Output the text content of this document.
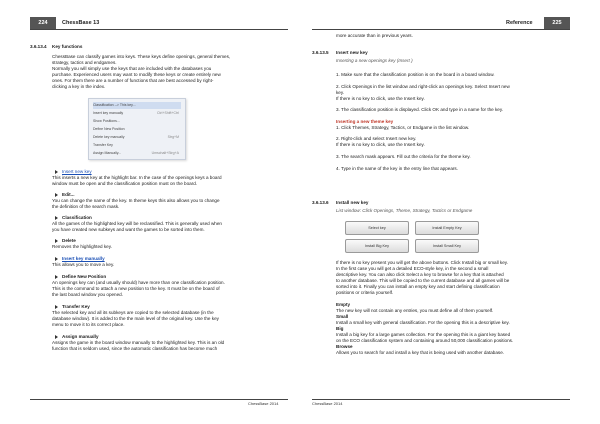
224	ChessBase 13
3.6.13.4 Key functions
ChessBase can classify games into keys. These keys define openings, general themes,
strategy, tactics and endgames.
Normally you will simply use the keys that are included with the databases you
purchase. Experienced users may want to modify these keys or create entirely new
ones. For them there are a number of functions that are best accessed by right-
clicking a key in the index.
Classification --> This key...
Insert key manually	Ctrl+Shift+Ctrl
Show Positions...
Define New Position
Delete key manually	Strg+M
Transfer Key
Assign Manually...	Umschalt+Strg+A
Insert new key
This inserts a new key at the highlight bar. In the case of the openings keys a board
window must be open and the classification position must on the board.
Edit...
You can change the name of the key. In theme keys this also allows you to change
the definition of the search mask.
Classification
All the games of the highlighted key will be reclassified. This is generally used when
you have created new subkeys and want the games to be sorted into them.
Delete
Removes the highlighted key.
Insert key manually
This allows you to move a key.
Define New Position
An openings key can (and usually should) have more than one classification position.
This is the command to attach a new position to the key. It must be on the board of
the last board window you opened.
Transfer Key
The selected key and all its subkeys are copied to the selected database (in the
database window). It is added to the the main level of the original key. Use the key
menu to move it to its correct place.
Assign manually
Assigns the game in the board window manually to the highlighted key. This is an old
function that is seldom used, since the automatic classification has become much
ChessBase 2014
Reference	225
more accurate than in previous years.
3.6.13.5 Insert new key
Inserting a new openings key (Insert )
1. Make sure that the classification position is on the board in a board window.
2. Click Openings in the list window and right-click an openings key. Select Insert new
key.
If there is no key to click, use the Insert key.
3. The classification position is displayed. Click OK and type in a name for the key.
Inserting a new theme key
1. Click Themes, Strategy, Tactics, or Endgame in the list window.
2. Right-click and select Insert new key.
If there is no key to click, use the Insert key.
3. The search mask appears. Fill out the criteria for the theme key.
4. Type in the name of the key in the entry line that appears.
3.6.13.6 Install new key
List window: Click Openings, Theme, Strategy, Tactics or Endgame
Select key	Install Empty Key
Install Big Key	Install Small Key
If there is no key present you will get the above buttons. Click Install big or small key.
In the first case you will get a detailed ECO-style key, in the second a small
descriptive key. You can also click Select a key to browse for a key that is attached
to another database. This will be copied to the current database and all games will be
sorted into it. Finally you can install an empty key and start defining classification
positions or criteria yourself.
Empty
The new key will not contain any entries, you must define all of them yourself.
Small
Install a small key with general classification. For the opening this is a descriptive key.
Big
Install a big key for a large games collection. For the opening this is a giant key based
on the ECO classification system and containing around 50,000 classification positions.
Browse
Allows you to search for and install a key that is being used with another database.
ChessBase 2014
